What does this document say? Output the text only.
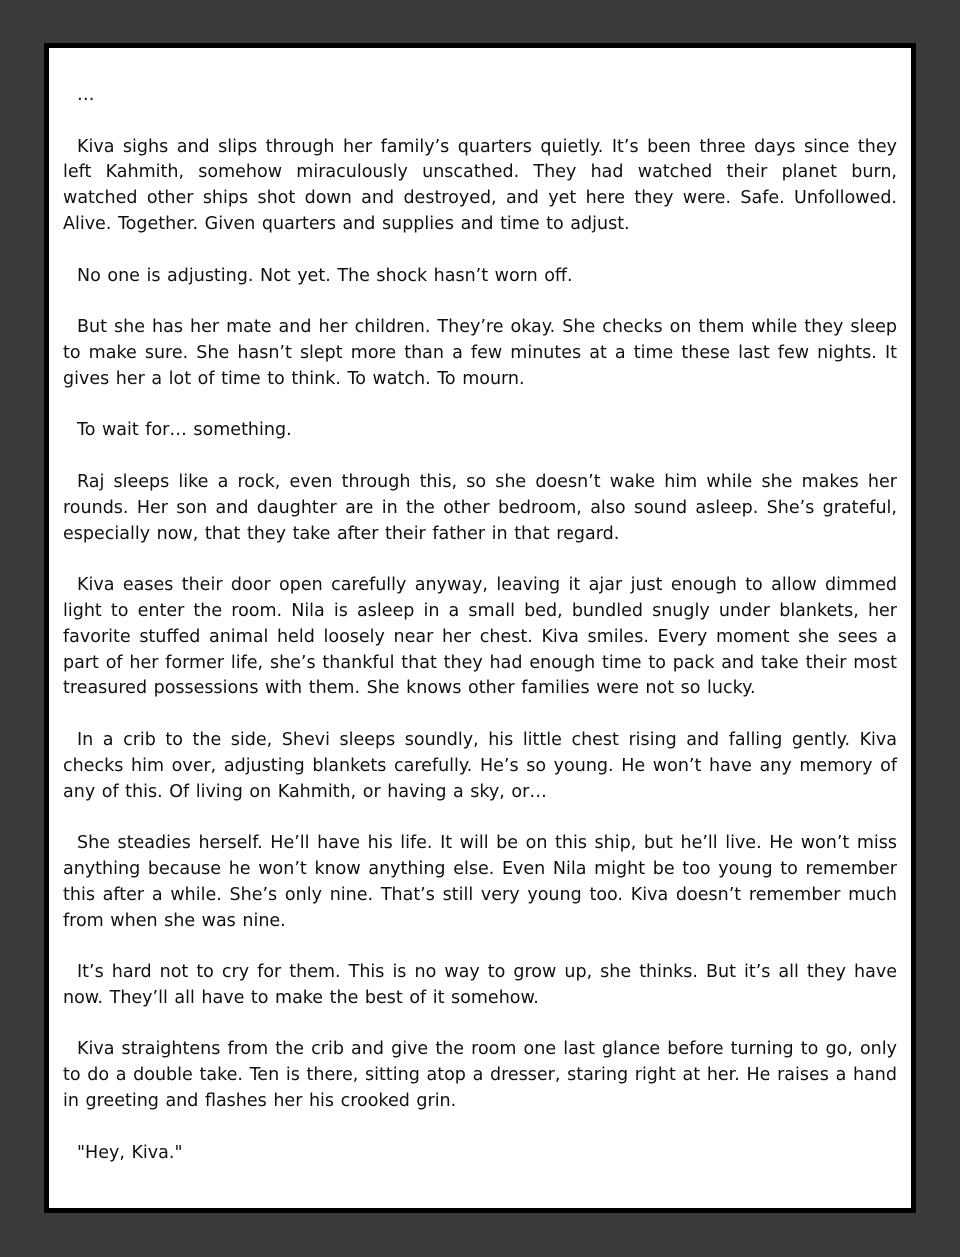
…

Kiva sighs and slips through her family’s quarters quietly. It’s been three days since they left Kahmith, somehow miraculously unscathed. They had watched their planet burn, watched other ships shot down and destroyed, and yet here they were. Safe. Unfollowed. Alive. Together. Given quarters and supplies and time to adjust.

No one is adjusting. Not yet. The shock hasn’t worn off.

But she has her mate and her children. They’re okay. She checks on them while they sleep to make sure. She hasn’t slept more than a few minutes at a time these last few nights. It gives her a lot of time to think. To watch. To mourn.

To wait for… something.

Raj sleeps like a rock, even through this, so she doesn’t wake him while she makes her rounds. Her son and daughter are in the other bedroom, also sound asleep. She’s grateful, especially now, that they take after their father in that regard.

Kiva eases their door open carefully anyway, leaving it ajar just enough to allow dimmed light to enter the room. Nila is asleep in a small bed, bundled snugly under blankets, her favorite stuffed animal held loosely near her chest. Kiva smiles. Every moment she sees a part of her former life, she’s thankful that they had enough time to pack and take their most treasured possessions with them. She knows other families were not so lucky.

In a crib to the side, Shevi sleeps soundly, his little chest rising and falling gently. Kiva checks him over, adjusting blankets carefully. He’s so young. He won’t have any memory of any of this. Of living on Kahmith, or having a sky, or…

She steadies herself. He’ll have his life. It will be on this ship, but he’ll live. He won’t miss anything because he won’t know anything else. Even Nila might be too young to remember this after a while. She’s only nine. That’s still very young too. Kiva doesn’t remember much from when she was nine.

It’s hard not to cry for them. This is no way to grow up, she thinks. But it’s all they have now. They’ll all have to make the best of it somehow.

Kiva straightens from the crib and give the room one last glance before turning to go, only to do a double take. Ten is there, sitting atop a dresser, staring right at her. He raises a hand in greeting and flashes her his crooked grin.

"Hey, Kiva."
